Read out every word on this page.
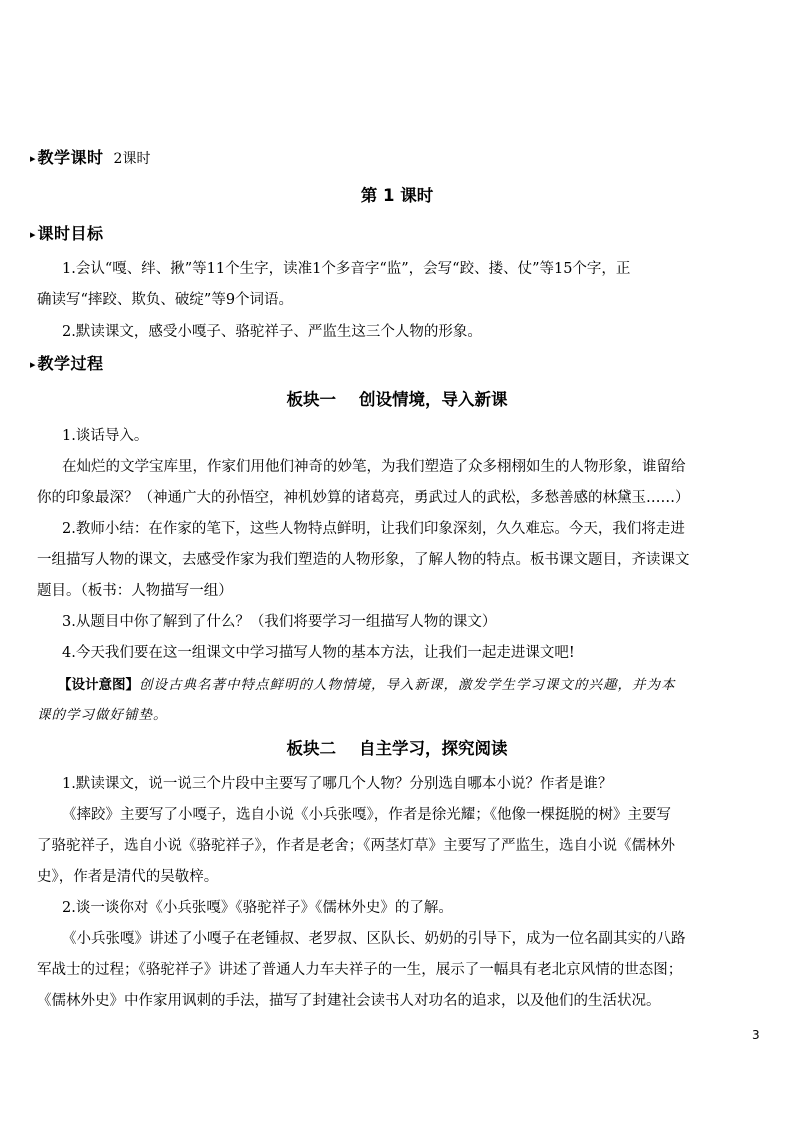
▸ 教学课时 2课时
第 1 课时
▸ 课时目标
1.会认“嘎、绊、揪”等11个生字，读准1个多音字“监”，会写“跤、搂、仗”等15个字，正
确读写“摔跤、欺负、破绽”等9个词语。
2.默读课文，感受小嘎子、骆驼祥子、严监生这三个人物的形象。
▸ 教学过程
板块一    创设情境，导入新课
1.谈话导入。
在灿烂的文学宝库里，作家们用他们神奇的妙笔，为我们塑造了众多栩栩如生的人物形象，谁留给
你的印象最深？（神通广大的孙悟空，神机妙算的诸葛亮，勇武过人的武松，多愁善感的林黛玉……）
2.教师小结：在作家的笔下，这些人物特点鲜明，让我们印象深刻，久久难忘。今天，我们将走进
一组描写人物的课文，去感受作家为我们塑造的人物形象，了解人物的特点。板书课文题目，齐读课文
题目。（板书：人物描写一组）
3.从题目中你了解到了什么？（我们将要学习一组描写人物的课文）
4.今天我们要在这一组课文中学习描写人物的基本方法，让我们一起走进课文吧!
【设计意图】创设古典名著中特点鲜明的人物情境，导入新课，激发学生学习课文的兴趣，并为本
课的学习做好铺垫。
板块二    自主学习，探究阅读
1.默读课文，说一说三个片段中主要写了哪几个人物？分别选自哪本小说？作者是谁？
《摔跤》主要写了小嘎子，选自小说《小兵张嘎》，作者是徐光耀；《他像一棵挺脱的树》主要写
了骆驼祥子，选自小说《骆驼祥子》，作者是老舍；《两茎灯草》主要写了严监生，选自小说《儒林外
史》，作者是清代的吴敬梓。
2.谈一谈你对《小兵张嘎》《骆驼祥子》《儒林外史》的了解。
《小兵张嘎》讲述了小嘎子在老锺叔、老罗叔、区队长、奶奶的引导下，成为一位名副其实的八路
军战士的过程；《骆驼祥子》讲述了普通人力车夫祥子的一生，展示了一幅具有老北京风情的世态图；
《儒林外史》中作家用讽刺的手法，描写了封建社会读书人对功名的追求，以及他们的生活状况。
3
